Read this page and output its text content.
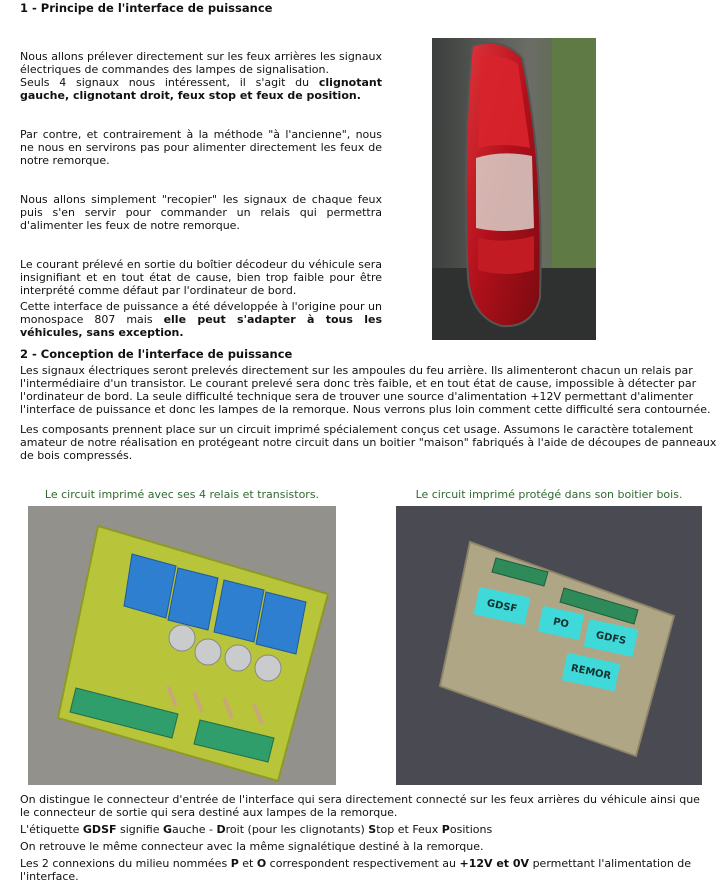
1 - Principe de l'interface de puissance

Nous allons prélever directement sur les feux arrières les signaux électriques de commandes des lampes de signalisation.

Seuls 4 signaux nous intéressent, il s'agit du clignotant gauche, clignotant droit, feux stop et feux de position.

Par contre, et contrairement à la méthode "à l'ancienne", nous ne nous en servirons pas pour alimenter directement les feux de notre remorque.

Nous allons simplement "recopier" les signaux de chaque feux puis s'en servir pour commander un relais qui permettra d'alimenter les feux de notre remorque.

Le courant prélevé en sortie du boîtier décodeur du véhicule sera insignifiant et en tout état de cause, bien trop faible pour être interprété comme défaut par l'ordinateur de bord.

Cette interface de puissance a été développée à l'origine pour un monospace 807 mais elle peut s'adapter à tous les véhicules, sans exception.

2 - Conception de l'interface de puissance

Les signaux électriques seront prelevés directement sur les ampoules du feu arrière. Ils alimenteront chacun un relais par l'intermédiaire d'un transistor. Le courant prelevé sera donc très faible, et en tout état de cause, impossible à détecter par l'ordinateur de bord. La seule difficulté technique sera de trouver une source d'alimentation +12V permettant d'alimenter l'interface de puissance et donc les lampes de la remorque. Nous verrons plus loin comment cette difficulté sera contournée.

Les composants prennent place sur un circuit imprimé spécialement conçus cet usage. Assumons le caractère totalement amateur de notre réalisation en protégeant notre circuit dans un boitier "maison" fabriqués à l'aide de découpes de panneaux de bois compressés.

Le circuit imprimé avec ses 4 relais et transistors.	Le circuit imprimé protégé dans son boitier bois.
GDSF
PO
GDFS
REMOR

On distingue le connecteur d'entrée de l'interface qui sera directement connecté sur les feux arrières du véhicule ainsi que le connecteur de sortie qui sera destiné aux lampes de la remorque.

L'étiquette GDSF signifie Gauche - Droit (pour les clignotants) Stop et Feux Positions

On retrouve le même connecteur avec la même signalétique destiné à la remorque.

Les 2 connexions du milieu nommées P et O correspondent respectivement au +12V et 0V permettant l'alimentation de l'interface.
